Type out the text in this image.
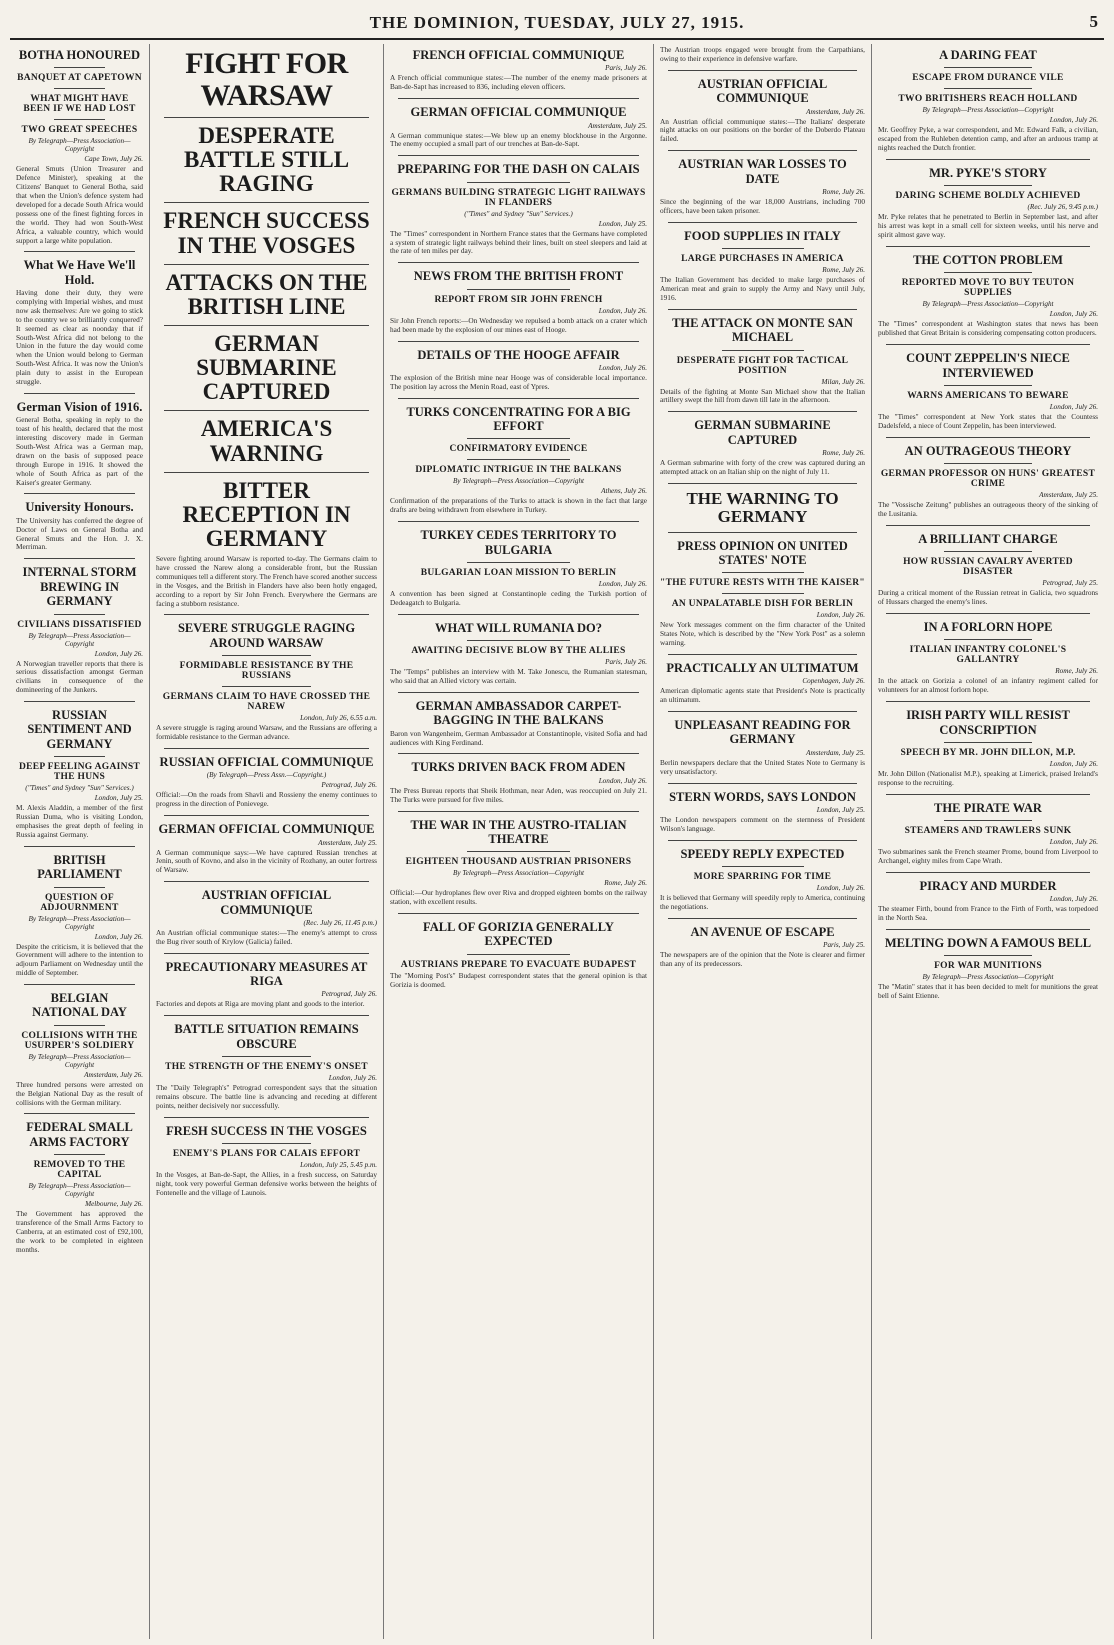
THE DOMINION, TUESDAY, JULY 27, 1915.	5
BOTHA HONOURED
BANQUET AT CAPETOWN
WHAT MIGHT HAVE BEEN IF WE HAD LOST
TWO GREAT SPEECHES
By Telegraph—Press Association—Copyright
Cape Town, July 26.
General Smuts (Union Treasurer and Defence Minister), speaking at the Citizens' Banquet to General Botha, said that when the Union's defence system had developed for a decade South Africa would possess one of the finest fighting forces in the world. They had won South-West Africa, a valuable country, which would support a large white population.
What We Have We'll Hold.
Having done their duty, they were complying with Imperial wishes, and must now ask themselves: Are we going to stick to the country we so brilliantly conquered? It seemed as clear as noonday that if South-West Africa did not belong to the Union in the future the day would come when the Union would belong to German South-West Africa. It was now the Union's plain duty to assist in the European struggle.
German Vision of 1916.
General Botha, speaking in reply to the toast of his health, declared that the most interesting discovery made in German South-West Africa was a German map, drawn on the basis of supposed peace through Europe in 1916. It showed the whole of South Africa as part of the Kaiser's greater Germany.
University Honours.
The University has conferred the degree of Doctor of Laws on General Botha and General Smuts and the Hon. J. X. Merriman.
INTERNAL STORM BREWING IN GERMANY
CIVILIANS DISSATISFIED
By Telegraph—Press Association—Copyright
London, July 26.
A Norwegian traveller reports that there is serious dissatisfaction amongst German civilians in consequence of the domineering of the Junkers.
RUSSIAN SENTIMENT AND GERMANY
DEEP FEELING AGAINST THE HUNS
("Times" and Sydney "Sun" Services.)
London, July 25.
M. Alexis Aladdin, a member of the first Russian Duma, who is visiting London, emphasises the great depth of feeling in Russia against Germany.
BRITISH PARLIAMENT
QUESTION OF ADJOURNMENT
By Telegraph—Press Association—Copyright
London, July 26.
Despite the criticism, it is believed that the Government will adhere to the intention to adjourn Parliament on Wednesday until the middle of September.
BELGIAN NATIONAL DAY
COLLISIONS WITH THE USURPER'S SOLDIERY
By Telegraph—Press Association—Copyright
Amsterdam, July 26.
Three hundred persons were arrested on the Belgian National Day as the result of collisions with the German military.
FEDERAL SMALL ARMS FACTORY
REMOVED TO THE CAPITAL
By Telegraph—Press Association—Copyright
Melbourne, July 26.
The Government has approved the transference of the Small Arms Factory to Canberra, at an estimated cost of £92,100, the work to be completed in eighteen months.
FIGHT FOR WARSAW
DESPERATE BATTLE STILL RAGING
FRENCH SUCCESS IN THE VOSGES
ATTACKS ON THE BRITISH LINE
GERMAN SUBMARINE CAPTURED
AMERICA'S WARNING
BITTER RECEPTION IN GERMANY
Severe fighting around Warsaw is reported to-day. The Germans claim to have crossed the Narew along a considerable front, but the Russian communiques tell a different story. The French have scored another success in the Vosges, and the British in Flanders have also been hotly engaged, according to a report by Sir John French. Everywhere the Germans are facing a stubborn resistance.
SEVERE STRUGGLE RAGING AROUND WARSAW
FORMIDABLE RESISTANCE BY THE RUSSIANS
GERMANS CLAIM TO HAVE CROSSED THE NAREW
London, July 26, 6.55 a.m.
A severe struggle is raging around Warsaw, and the Russians are offering a formidable resistance to the German advance.
RUSSIAN OFFICIAL COMMUNIQUE
(By Telegraph—Press Assn.—Copyright.)
Petrograd, July 26.
Official:—On the roads from Shavli and Rossieny the enemy continues to progress in the direction of Ponievege.
GERMAN OFFICIAL COMMUNIQUE
Amsterdam, July 25.
A German communique says:—We have captured Russian trenches at Jenin, south of Kovno, and also in the vicinity of Rozhany, an outer fortress of Warsaw.
AUSTRIAN OFFICIAL COMMUNIQUE
(Rec. July 26, 11.45 p.m.)
An Austrian official communique states:—The enemy's attempt to cross the Bug river south of Krylow (Galicia) failed.
PRECAUTIONARY MEASURES AT RIGA
Petrograd, July 26.
Factories and depots at Riga are moving plant and goods to the interior.
BATTLE SITUATION REMAINS OBSCURE
THE STRENGTH OF THE ENEMY'S ONSET
London, July 26.
The "Daily Telegraph's" Petrograd correspondent says that the situation remains obscure. The battle line is advancing and receding at different points, neither decisively nor successfully.
FRESH SUCCESS IN THE VOSGES
ENEMY'S PLANS FOR CALAIS EFFORT
London, July 25, 5.45 p.m.
In the Vosges, at Ban-de-Sapt, the Allies, in a fresh success, on Saturday night, took very powerful German defensive works between the heights of Fontenelle and the village of Launois.
FRENCH OFFICIAL COMMUNIQUE
Paris, July 26.
A French official communique states:—The number of the enemy made prisoners at Ban-de-Sapt has increased to 836, including eleven officers.
GERMAN OFFICIAL COMMUNIQUE
Amsterdam, July 25.
A German communique states:—We blew up an enemy blockhouse in the Argonne. The enemy occupied a small part of our trenches at Ban-de-Sapt.
PREPARING FOR THE DASH ON CALAIS
GERMANS BUILDING STRATEGIC LIGHT RAILWAYS IN FLANDERS
("Times" and Sydney "Sun" Services.)
London, July 25.
The "Times" correspondent in Northern France states that the Germans have completed a system of strategic light railways behind their lines, built on steel sleepers and laid at the rate of ten miles per day.
NEWS FROM THE BRITISH FRONT
REPORT FROM SIR JOHN FRENCH
London, July 26.
Sir John French reports:—On Wednesday we repulsed a bomb attack on a crater which had been made by the explosion of our mines east of Hooge.
DETAILS OF THE HOOGE AFFAIR
London, July 26.
The explosion of the British mine near Hooge was of considerable local importance. The position lay across the Menin Road, east of Ypres.
TURKS CONCENTRATING FOR A BIG EFFORT
CONFIRMATORY EVIDENCE
DIPLOMATIC INTRIGUE IN THE BALKANS
By Telegraph—Press Association—Copyright
Athens, July 26.
Confirmation of the preparations of the Turks to attack is shown in the fact that large drafts are being withdrawn from elsewhere in Turkey.
TURKEY CEDES TERRITORY TO BULGARIA
BULGARIAN LOAN MISSION TO BERLIN
London, July 26.
A convention has been signed at Constantinople ceding the Turkish portion of Dedeagatch to Bulgaria.
WHAT WILL RUMANIA DO?
AWAITING DECISIVE BLOW BY THE ALLIES
Paris, July 26.
The "Temps" publishes an interview with M. Take Jonescu, the Rumanian statesman, who said that an Allied victory was certain.
GERMAN AMBASSADOR CARPET-BAGGING IN THE BALKANS
Baron von Wangenheim, German Ambassador at Constantinople, visited Sofia and had audiences with King Ferdinand.
TURKS DRIVEN BACK FROM ADEN
London, July 26.
The Press Bureau reports that Sheik Hothman, near Aden, was reoccupied on July 21. The Turks were pursued for five miles.
THE WAR IN THE AUSTRO-ITALIAN THEATRE
EIGHTEEN THOUSAND AUSTRIAN PRISONERS
By Telegraph—Press Association—Copyright
Rome, July 26.
Official:—Our hydroplanes flew over Riva and dropped eighteen bombs on the railway station, with excellent results.
FALL OF GORIZIA GENERALLY EXPECTED
AUSTRIANS PREPARE TO EVACUATE BUDAPEST
The "Morning Post's" Budapest correspondent states that the general opinion is that Gorizia is doomed.
The Austrian troops engaged were brought from the Carpathians, owing to their experience in defensive warfare.
AUSTRIAN OFFICIAL COMMUNIQUE
Amsterdam, July 26.
An Austrian official communique states:—The Italians' desperate night attacks on our positions on the border of the Doberdo Plateau failed.
AUSTRIAN WAR LOSSES TO DATE
Rome, July 26.
Since the beginning of the war 18,000 Austrians, including 700 officers, have been taken prisoner.
FOOD SUPPLIES IN ITALY
LARGE PURCHASES IN AMERICA
Rome, July 26.
The Italian Government has decided to make large purchases of American meat and grain to supply the Army and Navy until July, 1916.
THE ATTACK ON MONTE SAN MICHAEL
DESPERATE FIGHT FOR TACTICAL POSITION
Milan, July 26.
Details of the fighting at Monte San Michael show that the Italian artillery swept the hill from dawn till late in the afternoon.
GERMAN SUBMARINE CAPTURED
Rome, July 26.
A German submarine with forty of the crew was captured during an attempted attack on an Italian ship on the night of July 11.
THE WARNING TO GERMANY
PRESS OPINION ON UNITED STATES' NOTE
"THE FUTURE RESTS WITH THE KAISER"
AN UNPALATABLE DISH FOR BERLIN
London, July 26.
New York messages comment on the firm character of the United States Note, which is described by the "New York Post" as a solemn warning.
PRACTICALLY AN ULTIMATUM
Copenhagen, July 26.
American diplomatic agents state that President's Note is practically an ultimatum.
UNPLEASANT READING FOR GERMANY
Amsterdam, July 25.
Berlin newspapers declare that the United States Note to Germany is very unsatisfactory.
STERN WORDS, SAYS LONDON
London, July 25.
The London newspapers comment on the sternness of President Wilson's language.
SPEEDY REPLY EXPECTED
MORE SPARRING FOR TIME
London, July 26.
It is believed that Germany will speedily reply to America, continuing the negotiations.
AN AVENUE OF ESCAPE
Paris, July 25.
The newspapers are of the opinion that the Note is clearer and firmer than any of its predecessors.
A DARING FEAT
ESCAPE FROM DURANCE VILE
TWO BRITISHERS REACH HOLLAND
By Telegraph—Press Association—Copyright
London, July 26.
Mr. Geoffrey Pyke, a war correspondent, and Mr. Edward Falk, a civilian, escaped from the Ruhleben detention camp, and after an arduous tramp at nights reached the Dutch frontier.
MR. PYKE'S STORY
DARING SCHEME BOLDLY ACHIEVED
(Rec. July 26, 9.45 p.m.)
Mr. Pyke relates that he penetrated to Berlin in September last, and after his arrest was kept in a small cell for sixteen weeks, until his nerve and spirit almost gave way.
THE COTTON PROBLEM
REPORTED MOVE TO BUY TEUTON SUPPLIES
By Telegraph—Press Association—Copyright
London, July 26.
The "Times" correspondent at Washington states that news has been published that Great Britain is considering compensating cotton producers.
COUNT ZEPPELIN'S NIECE INTERVIEWED
WARNS AMERICANS TO BEWARE
London, July 26.
The "Times" correspondent at New York states that the Countess Dadelsfeld, a niece of Count Zeppelin, has been interviewed.
AN OUTRAGEOUS THEORY
GERMAN PROFESSOR ON HUNS' GREATEST CRIME
Amsterdam, July 25.
The "Vossische Zeitung" publishes an outrageous theory of the sinking of the Lusitania.
A BRILLIANT CHARGE
HOW RUSSIAN CAVALRY AVERTED DISASTER
Petrograd, July 25.
During a critical moment of the Russian retreat in Galicia, two squadrons of Hussars charged the enemy's lines.
IN A FORLORN HOPE
ITALIAN INFANTRY COLONEL'S GALLANTRY
Rome, July 26.
In the attack on Gorizia a colonel of an infantry regiment called for volunteers for an almost forlorn hope.
IRISH PARTY WILL RESIST CONSCRIPTION
SPEECH BY MR. JOHN DILLON, M.P.
London, July 26.
Mr. John Dillon (Nationalist M.P.), speaking at Limerick, praised Ireland's response to the recruiting.
THE PIRATE WAR
STEAMERS AND TRAWLERS SUNK
London, July 26.
Two submarines sank the French steamer Prome, bound from Liverpool to Archangel, eighty miles from Cape Wrath.
PIRACY AND MURDER
London, July 26.
The steamer Firth, bound from France to the Firth of Forth, was torpedoed in the North Sea.
MELTING DOWN A FAMOUS BELL
FOR WAR MUNITIONS
By Telegraph—Press Association—Copyright
The "Matin" states that it has been decided to melt for munitions the great bell of Saint Etienne.
